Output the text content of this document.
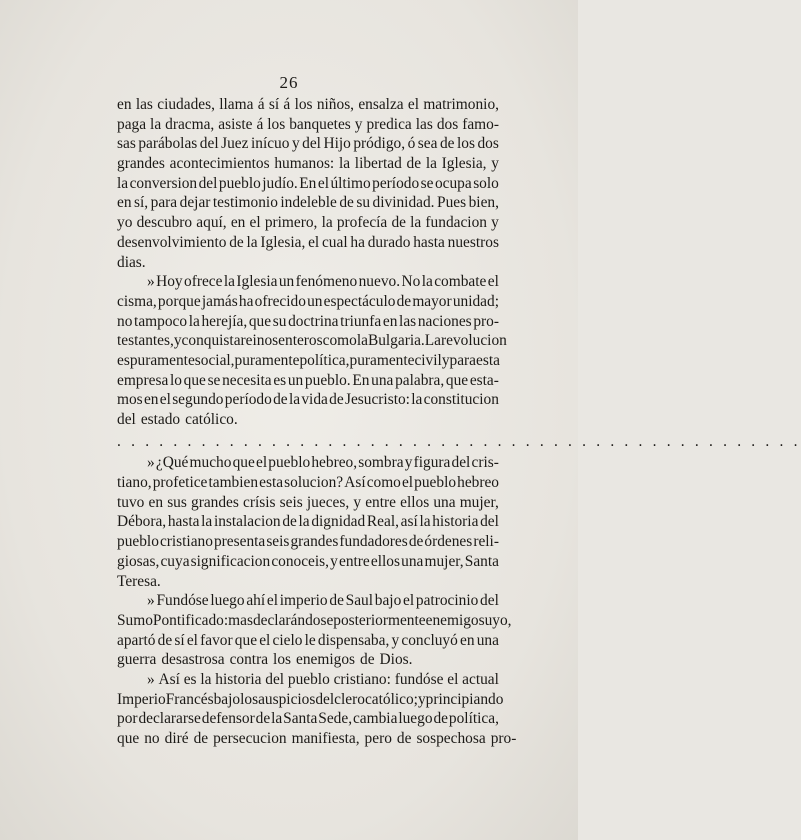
26
en las ciudades, llama á sí á los niños, ensalza el matrimonio,
paga la dracma, asiste á los banquetes y predica las dos famo-
sas parábolas del Juez inícuo y del Hijo pródigo, ó sea de los dos
grandes acontecimientos humanos: la libertad de la Iglesia, y
la conversion del pueblo judío. En el último período se ocupa solo
en sí, para dejar testimonio indeleble de su divinidad. Pues bien,
yo descubro aquí, en el primero, la profecía de la fundacion y
desenvolvimiento de la Iglesia, el cual ha durado hasta nuestros
dias.
» Hoy ofrece la Iglesia un fenómeno nuevo. No la combate el
cisma, porque jamás ha ofrecido un espectáculo de mayor unidad;
no tampoco la herejía, que su doctrina triunfa en las naciones pro-
testantes, y conquista reinos enteros como la Bulgaria. La revolucion
es puramente social, puramente política, puramente civil y para esta
empresa lo que se necesita es un pueblo. En una palabra, que esta-
mos en el segundo período de la vida de Jesucristo: la constitucion
del estado católico.
. . . . . . . . . . . . . . . . . . . . . . . . . . . . . . . . . . . . . . . . . . . . . . . . .
» ¿Qué mucho que el pueblo hebreo, sombra y figura del cris-
tiano, profetice tambien esta solucion? Así como el pueblo hebreo
tuvo en sus grandes crísis seis jueces, y entre ellos una mujer,
Débora, hasta la instalacion de la dignidad Real, así la historia del
pueblo cristiano presenta seis grandes fundadores de órdenes reli-
giosas, cuya significacion conoceis, y entre ellos una mujer, Santa
Teresa.
» Fundóse luego ahí el imperio de Saul bajo el patrocinio del
Sumo Pontificado: mas declarándose posteriormente enemigo suyo,
apartó de sí el favor que el cielo le dispensaba, y concluyó en una
guerra desastrosa contra los enemigos de Dios.
» Así es la historia del pueblo cristiano: fundóse el actual
Imperio Francés bajo los auspicios del clero católico; y principiando
por declararse defensor de la Santa Sede, cambia luego de política,
que no diré de persecucion manifiesta, pero de sospechosa pro-
